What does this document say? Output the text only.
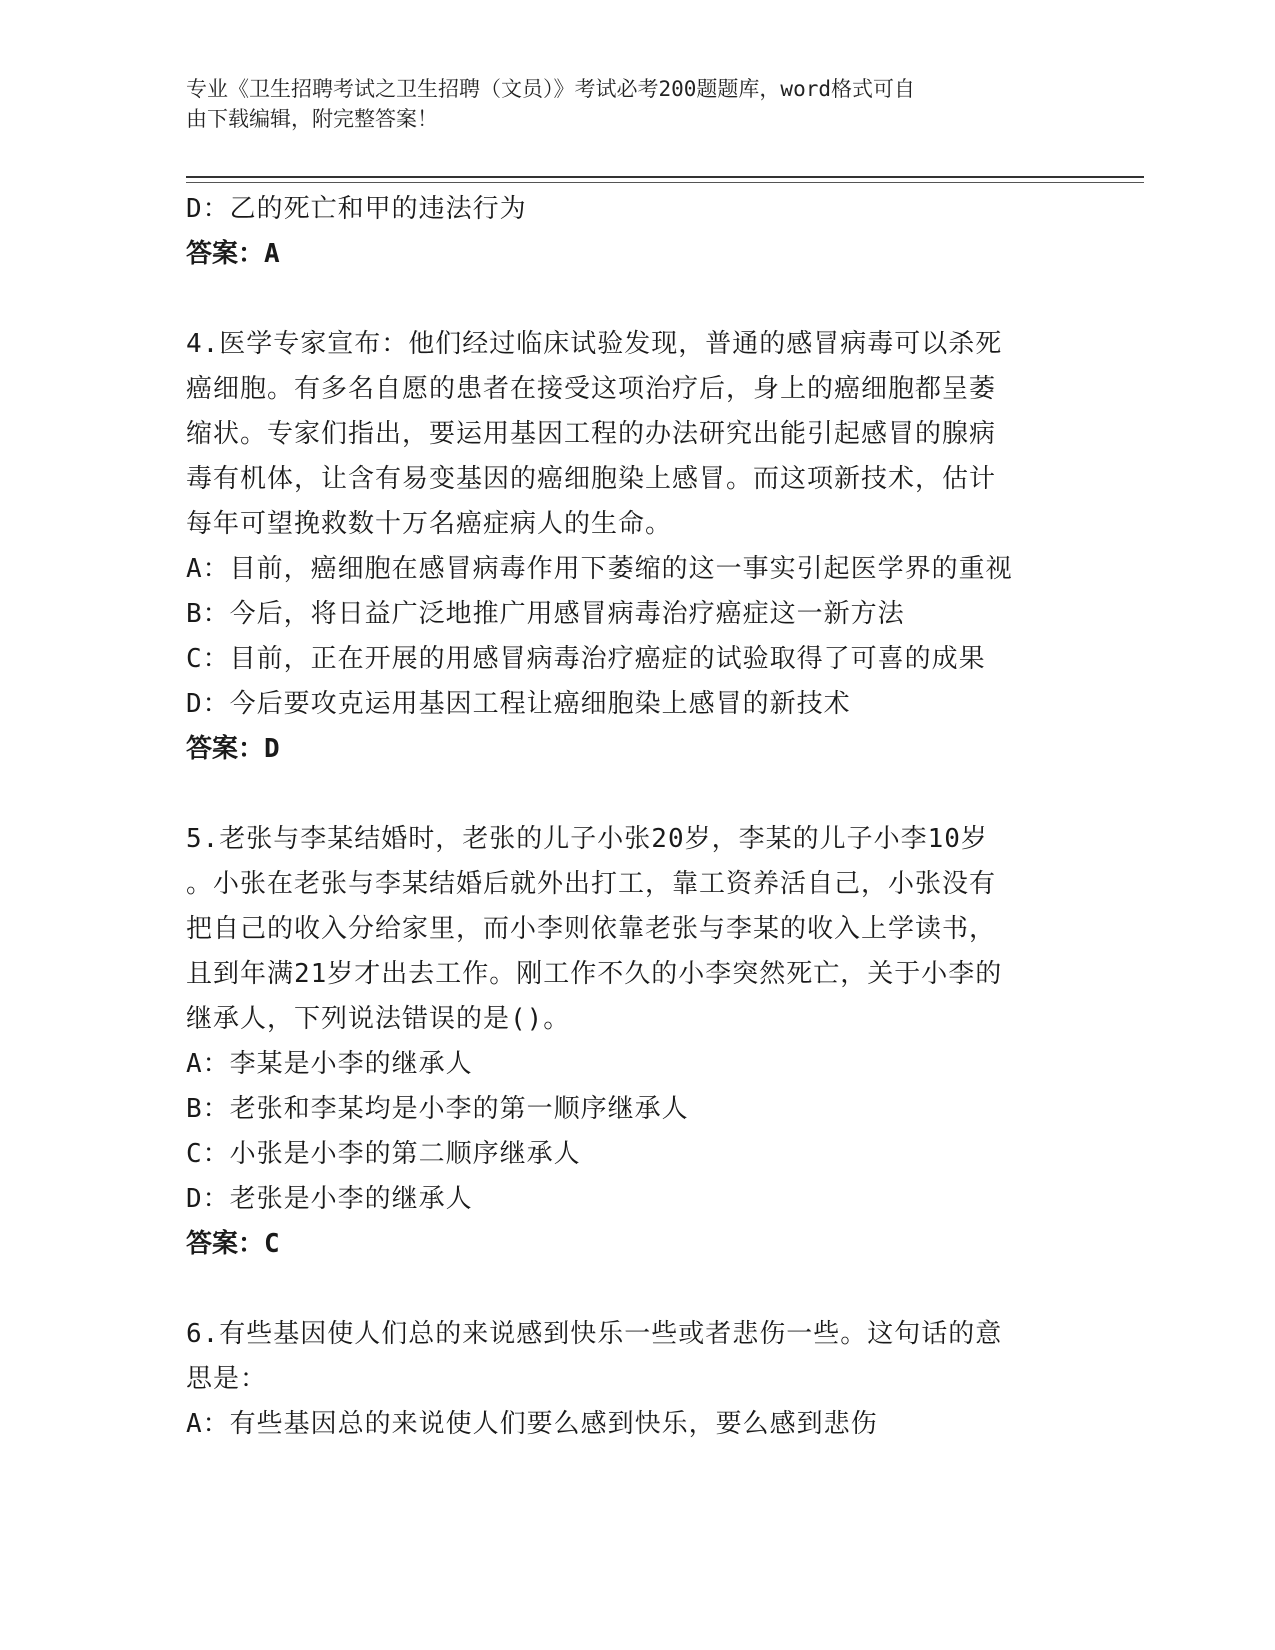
专业《卫生招聘考试之卫生招聘（文员）》考试必考200题题库，word格式可自
由下载编辑，附完整答案！
D：乙的死亡和甲的违法行为
答案：A
4.医学专家宣布：他们经过临床试验发现，普通的感冒病毒可以杀死
癌细胞。有多名自愿的患者在接受这项治疗后，身上的癌细胞都呈萎
缩状。专家们指出，要运用基因工程的办法研究出能引起感冒的腺病
毒有机体，让含有易变基因的癌细胞染上感冒。而这项新技术，估计
每年可望挽救数十万名癌症病人的生命。
A：目前，癌细胞在感冒病毒作用下萎缩的这一事实引起医学界的重视
B：今后，将日益广泛地推广用感冒病毒治疗癌症这一新方法
C：目前，正在开展的用感冒病毒治疗癌症的试验取得了可喜的成果
D：今后要攻克运用基因工程让癌细胞染上感冒的新技术
答案：D
5.老张与李某结婚时，老张的儿子小张20岁，李某的儿子小李10岁
。小张在老张与李某结婚后就外出打工，靠工资养活自己，小张没有
把自己的收入分给家里，而小李则依靠老张与李某的收入上学读书，
且到年满21岁才出去工作。刚工作不久的小李突然死亡，关于小李的
继承人，下列说法错误的是()。
A：李某是小李的继承人
B：老张和李某均是小李的第一顺序继承人
C：小张是小李的第二顺序继承人
D：老张是小李的继承人
答案：C
6.有些基因使人们总的来说感到快乐一些或者悲伤一些。这句话的意
思是：
A：有些基因总的来说使人们要么感到快乐，要么感到悲伤
